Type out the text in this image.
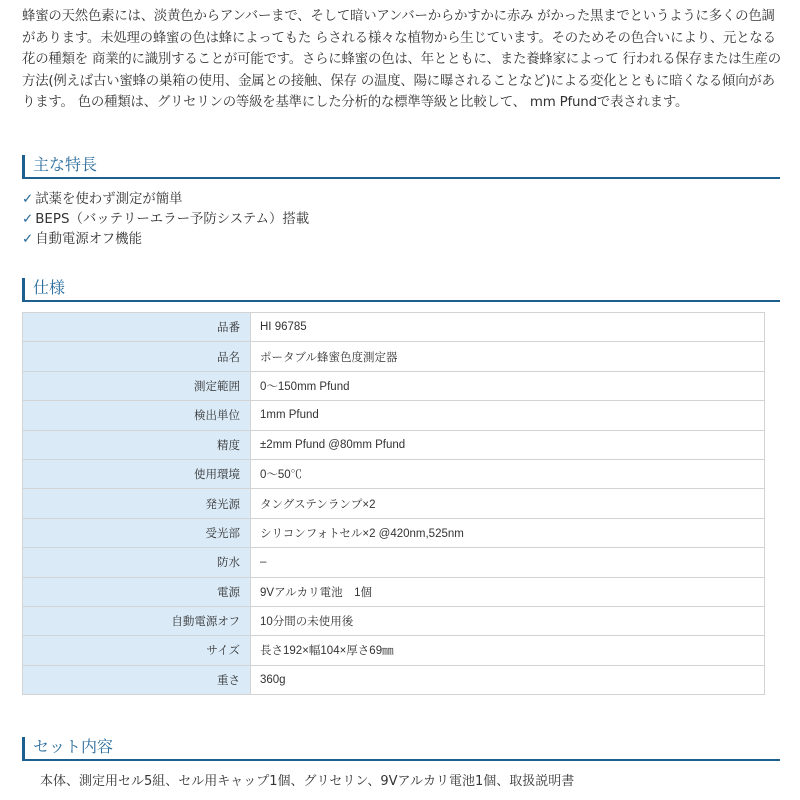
蜂蜜の天然色素には、淡黄色からアンバーまで、そして暗いアンバーからかすかに赤み がかった黒までというように多くの色調があります。未処理の蜂蜜の色は蜂によってもた らされる様々な植物から生じています。そのためその色合いにより、元となる花の種類を 商業的に識別することが可能です。さらに蜂蜜の色は、年とともに、また養蜂家によって 行われる保存または生産の方法(例えば古い蜜蜂の巣箱の使用、金属との接触、保存 の温度、陽に曝されることなど)による変化とともに暗くなる傾向があります。 色の種類は、グリセリンの等級を基準にした分析的な標準等級と比較して、 mm Pfundで表されます。

主な特長
✓ 試薬を使わず測定が簡単
✓ BEPS（バッテリーエラー予防システム）搭載
✓ 自動電源オフ機能
仕様
品番	HI 96785
品名	ポータブル蜂蜜色度測定器
測定範囲	0〜150mm Pfund
検出単位	1mm Pfund
精度	±2mm Pfund @80mm Pfund
使用環境	0〜50℃
発光源	タングステンランプ×2
受光部	シリコンフォトセル×2 @420nm,525nm
防水	–
電源	9Vアルカリ電池　1個
自動電源オフ	10分間の未使用後
サイズ	長さ192×幅104×厚さ69㎜
重さ	360g
セット内容

本体、測定用セル5組、セル用キャップ1個、グリセリン、9Vアルカリ電池1個、取扱説明書
